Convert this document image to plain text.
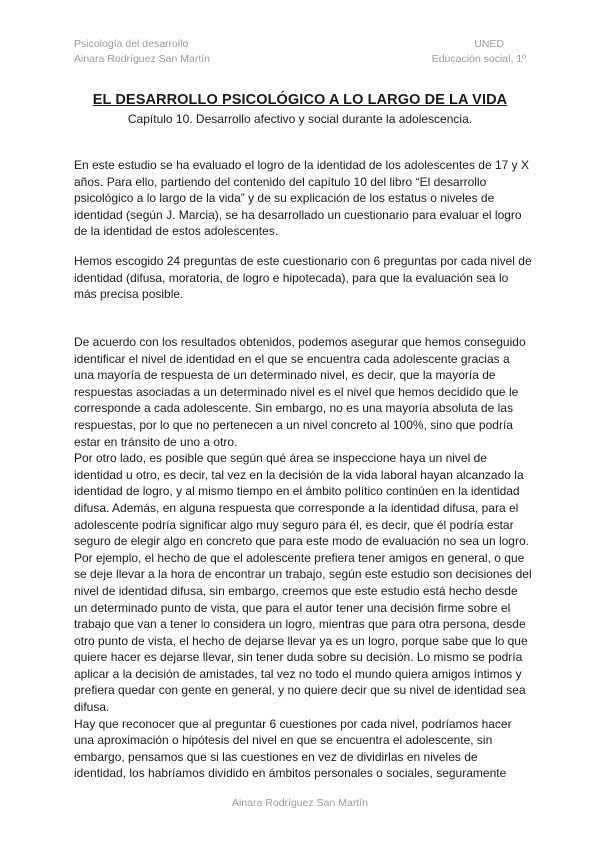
Psicología del desarrollo
Ainara Rodríguez San Martín
UNED
Educación social, 1º
EL DESARROLLO PSICOLÓGICO A LO LARGO DE LA VIDA
Capítulo 10. Desarrollo afectivo y social durante la adolescencia.

En este estudio se ha evaluado el logro de la identidad de los adolescentes de 17 y X años. Para ello, partiendo del contenido del capítulo 10 del libro “El desarrollo psicológico a lo largo de la vida” y de su explicación de los estatus o niveles de identidad (según J. Marcia), se ha desarrollado un cuestionario para evaluar el logro de la identidad de estos adolescentes.

Hemos escogido 24 preguntas de este cuestionario con 6 preguntas por cada nivel de identidad (difusa, moratoria, de logro e hipotecada), para que la evaluación sea lo más precisa posible.

De acuerdo con los resultados obtenidos, podemos asegurar que hemos conseguido identificar el nivel de identidad en el que se encuentra cada adolescente gracias a una mayoría de respuesta de un determinado nivel, es decir, que la mayoría de respuestas asociadas a un determinado nivel es el nivel que hemos decidido que le corresponde a cada adolescente. Sin embargo, no es una mayoría absoluta de las respuestas, por lo que no pertenecen a un nivel concreto al 100%, sino que podría estar en tránsito de uno a otro.

Por otro lado, es posible que según qué área se inspeccione haya un nivel de identidad u otro, es decir, tal vez en la decisión de la vida laboral hayan alcanzado la identidad de logro, y al mismo tiempo en el ámbito político continúen en la identidad difusa. Además, en alguna respuesta que corresponde a la identidad difusa, para el adolescente podría significar algo muy seguro para él, es decir, que él podría estar seguro de elegir algo en concreto que para este modo de evaluación no sea un logro. Por ejemplo, el hecho de que el adolescente prefiera tener amigos en general, o que se deje llevar a la hora de encontrar un trabajo, según este estudio son decisiones del nivel de identidad difusa, sin embargo, creemos que este estudio está hecho desde un determinado punto de vista, que para el autor tener una decisión firme sobre el trabajo que van a tener lo considera un logro, mientras que para otra persona, desde otro punto de vista, el hecho de dejarse llevar ya es un logro, porque sabe que lo que quiere hacer es dejarse llevar, sin tener duda sobre su decisión. Lo mismo se podría aplicar a la decisión de amistades, tal vez no todo el mundo quiera amigos íntimos y prefiera quedar con gente en general, y no quiere decir que su nivel de identidad sea difusa.

Hay que reconocer que al preguntar 6 cuestiones por cada nivel, podríamos hacer una aproximación o hipótesis del nivel en que se encuentra el adolescente, sin embargo, pensamos que si las cuestiones en vez de dividirlas en niveles de identidad, los habríamos dividido en ámbitos personales o sociales, seguramente

Ainara Rodríguez San Martín
